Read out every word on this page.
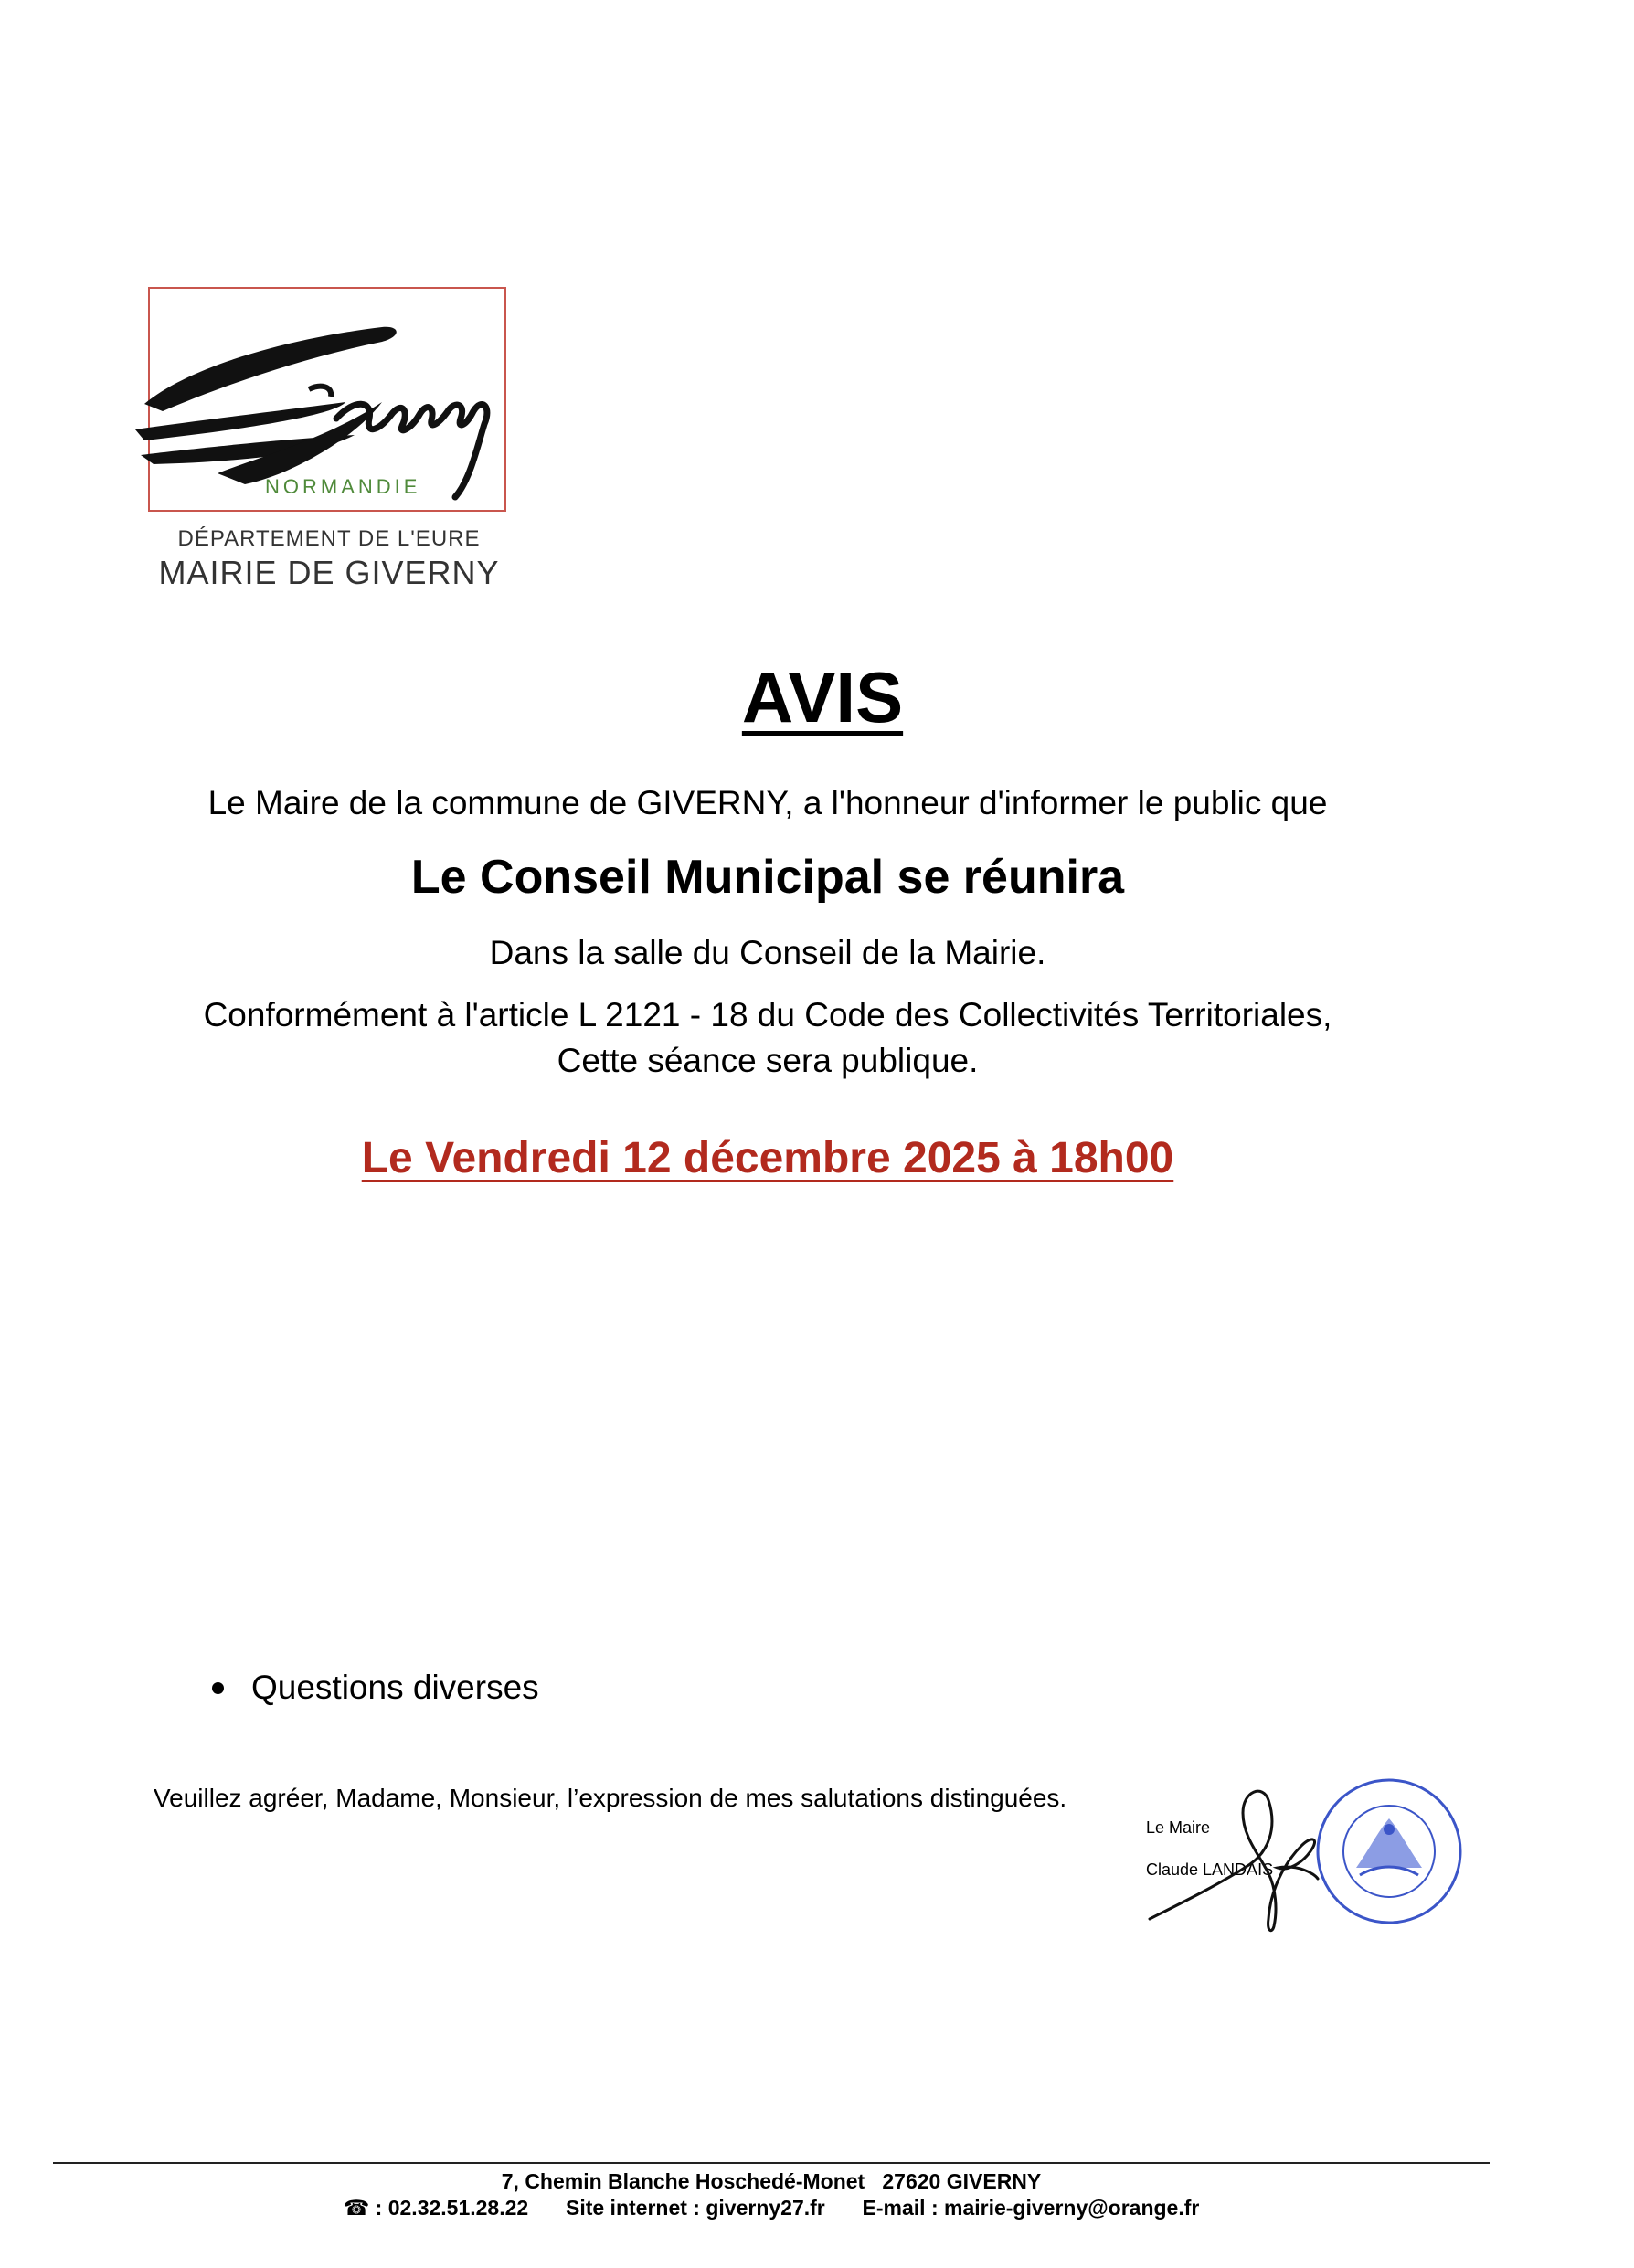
NORMANDIE
DÉPARTEMENT DE L'EURE
MAIRIE DE GIVERNY
AVIS
Le Maire de la commune de GIVERNY, a l'honneur d'informer le public que
Le Conseil Municipal se réunira
Dans la salle du Conseil de la Mairie.
Conformément à l'article L 2121 - 18 du Code des Collectivités Territoriales,
Cette séance sera publique.
Le Vendredi 12 décembre 2025 à 18h00
Questions diverses
Veuillez agréer, Madame, Monsieur, l’expression de mes salutations distinguées.
Le Maire
Claude LANDAIS
7, Chemin Blanche Hoschedé-Monet   27620 GIVERNY
☎ : 02.32.51.28.22 Site internet : giverny27.fr E-mail : mairie-giverny@orange.fr
